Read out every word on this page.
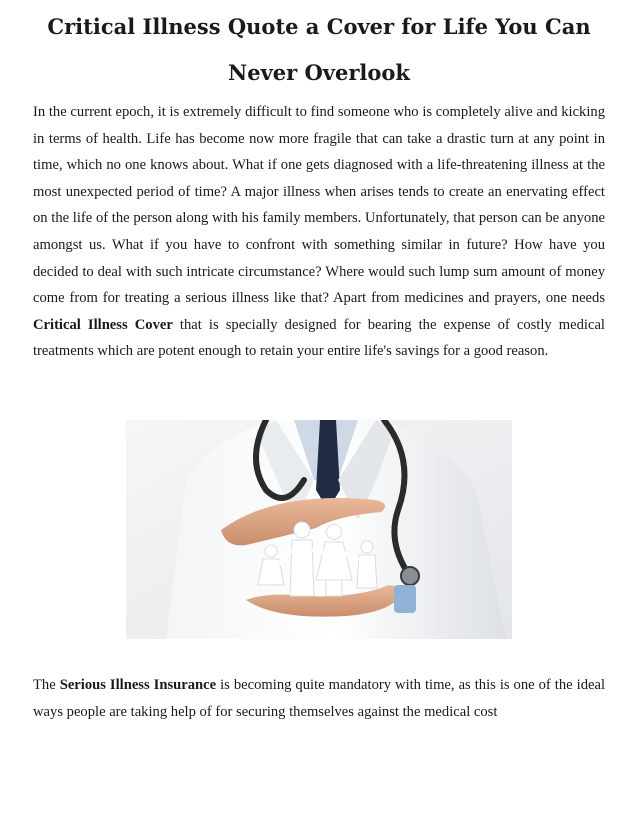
Critical Illness Quote a Cover for Life You Can Never Overlook

In the current epoch, it is extremely difficult to find someone who is completely alive and kicking in terms of health. Life has become now more fragile that can take a drastic turn at any point in time, which no one knows about. What if one gets diagnosed with a life-threatening illness at the most unexpected period of time? A major illness when arises tends to create an enervating effect on the life of the person along with his family members. Unfortunately, that person can be anyone amongst us. What if you have to confront with something similar in future? How have you decided to deal with such intricate circumstance? Where would such lump sum amount of money come from for treating a serious illness like that? Apart from medicines and prayers, one needs Critical Illness Cover that is specially designed for bearing the expense of costly medical treatments which are potent enough to retain your entire life's savings for a good reason.

The Serious Illness Insurance is becoming quite mandatory with time, as this is one of the ideal ways people are taking help of for securing themselves against the medical cost
